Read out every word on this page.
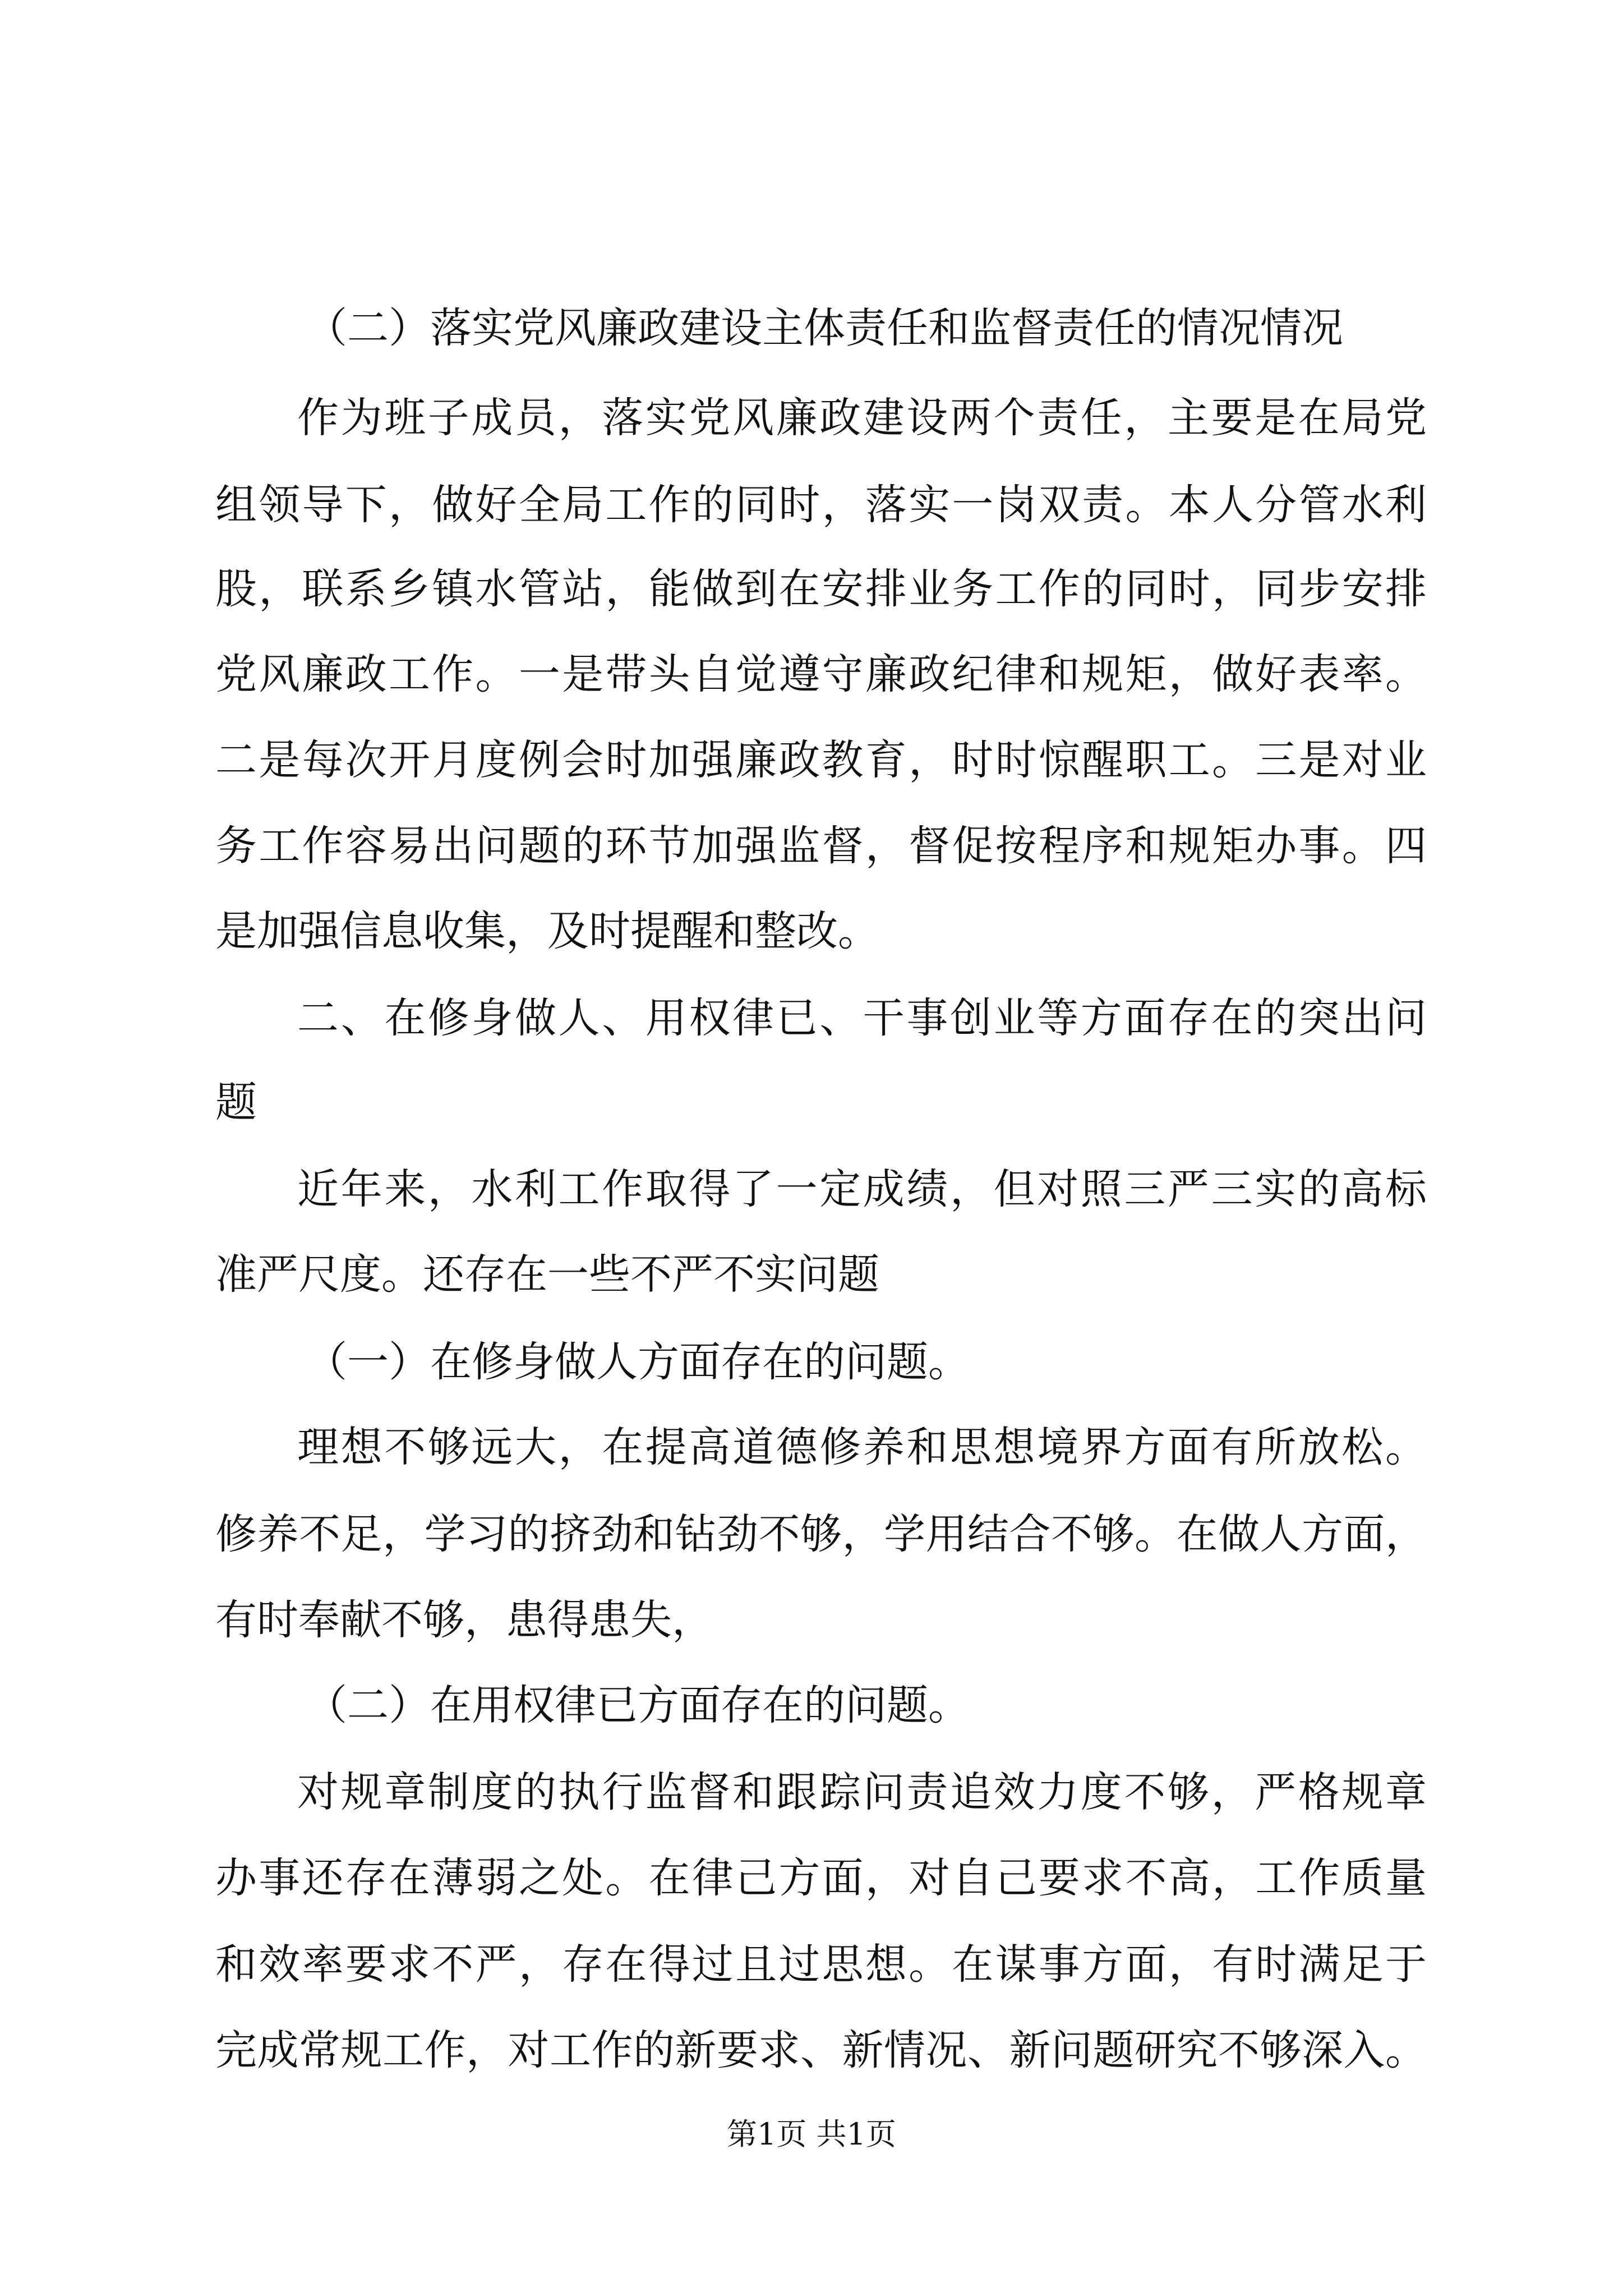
（二）落实党风廉政建设主体责任和监督责任的情况情况
作为班子成员，落实党风廉政建设两个责任，主要是在局党
组领导下，做好全局工作的同时，落实一岗双责。本人分管水利
股，联系乡镇水管站，能做到在安排业务工作的同时，同步安排
党风廉政工作。一是带头自觉遵守廉政纪律和规矩，做好表率。
二是每次开月度例会时加强廉政教育，时时惊醒职工。三是对业
务工作容易出问题的环节加强监督，督促按程序和规矩办事。四
是加强信息收集，及时提醒和整改。
二、在修身做人、用权律已、干事创业等方面存在的突出问
题
近年来，水利工作取得了一定成绩，但对照三严三实的高标
准严尺度。还存在一些不严不实问题
（一）在修身做人方面存在的问题。
理想不够远大，在提高道德修养和思想境界方面有所放松。
修养不足，学习的挤劲和钻劲不够，学用结合不够。在做人方面，
有时奉献不够，患得患失，
（二）在用权律已方面存在的问题。
对规章制度的执行监督和跟踪问责追效力度不够，严格规章
办事还存在薄弱之处。在律己方面，对自己要求不高，工作质量
和效率要求不严，存在得过且过思想。在谋事方面，有时满足于
完成常规工作，对工作的新要求、新情况、新问题研究不够深入。
第1页 共1页
